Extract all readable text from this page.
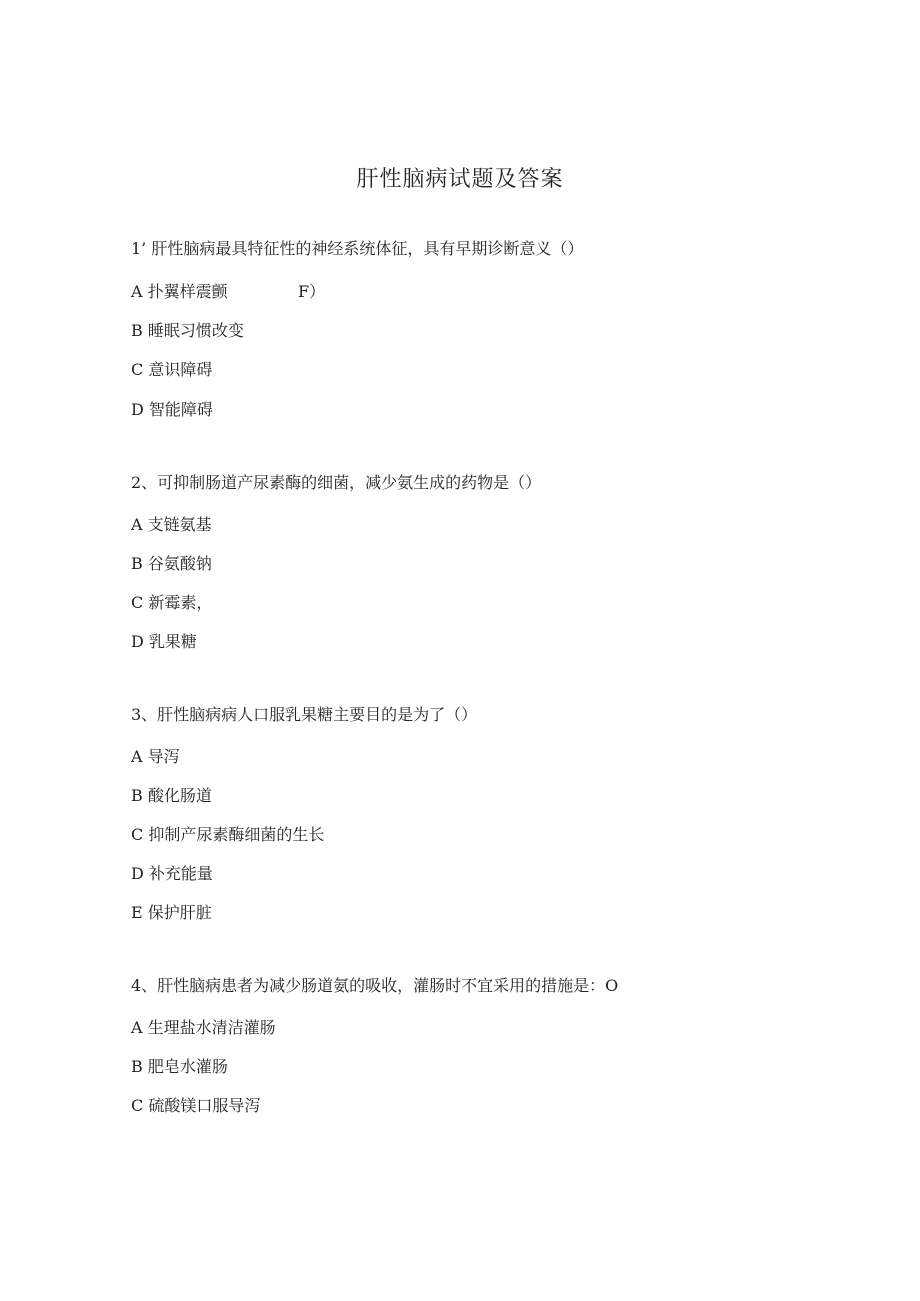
肝性脑病试题及答案
1’ 肝性脑病最具特征性的神经系统体征，具有早期诊断意义（）
A 扑翼样震颤	F）
B 睡眠习惯改变
C 意识障碍
D 智能障碍
2、可抑制肠道产尿素酶的细菌，减少氨生成的药物是（）
A 支链氨基
B 谷氨酸钠
C 新霉素，
D 乳果糖
3、肝性脑病病人口服乳果糖主要目的是为了（）
A 导泻
B 酸化肠道
C 抑制产尿素酶细菌的生长
D 补充能量
E 保护肝脏
4、肝性脑病患者为减少肠道氨的吸收，灌肠时不宜采用的措施是：O
A 生理盐水清洁灌肠
B 肥皂水灌肠
C 硫酸镁口服导泻
